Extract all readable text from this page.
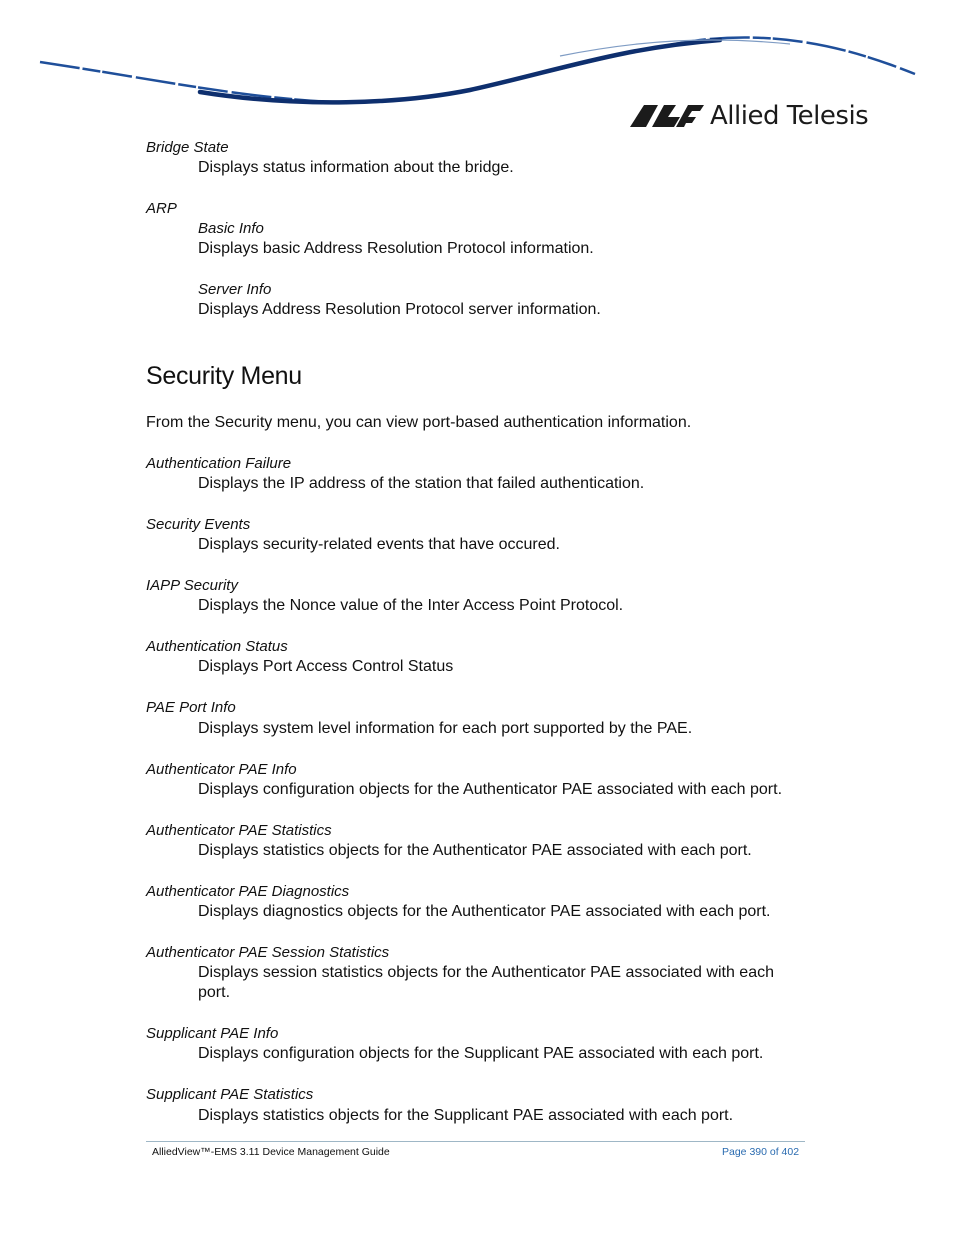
Allied Telesis
Bridge State
Displays status information about the bridge.
ARP
Basic Info
Displays basic Address Resolution Protocol information.
Server Info
Displays Address Resolution Protocol server information.
Security Menu
From the Security menu, you can view port-based authentication information.
Authentication Failure
Displays the IP address of the station that failed authentication.
Security Events
Displays security-related events that have occured.
IAPP Security
Displays the Nonce value of the Inter Access Point Protocol.
Authentication Status
Displays Port Access Control Status
PAE Port Info
Displays system level information for each port supported by the PAE.
Authenticator PAE Info
Displays configuration objects for the Authenticator PAE associated with each port.
Authenticator PAE Statistics
Displays statistics objects for the Authenticator PAE associated with each port.
Authenticator PAE Diagnostics
Displays diagnostics objects for the Authenticator PAE associated with each port.
Authenticator PAE Session Statistics
Displays session statistics objects for the Authenticator PAE associated with each port.
Supplicant PAE Info
Displays configuration objects for the Supplicant PAE associated with each port.
Supplicant PAE Statistics
Displays statistics objects for the Supplicant PAE associated with each port.
AlliedView™-EMS 3.11 Device Management Guide	Page 390 of 402
